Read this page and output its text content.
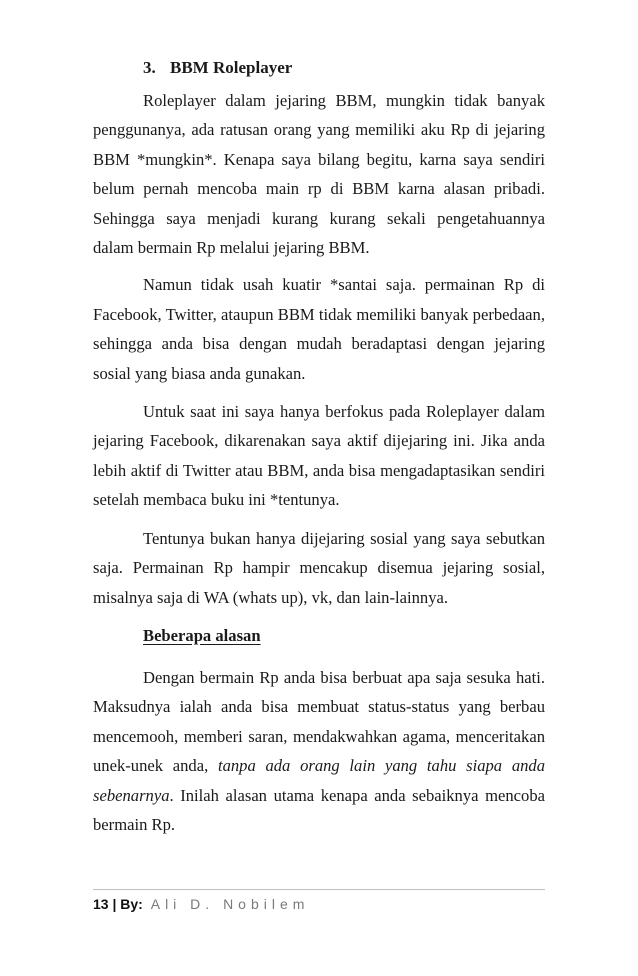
3. BBM Roleplayer

Roleplayer dalam jejaring BBM, mungkin tidak banyak penggunanya, ada ratusan orang yang memiliki aku Rp di jejaring BBM *mungkin*. Kenapa saya bilang begitu, karna saya sendiri belum pernah mencoba main rp di BBM karna alasan pribadi. Sehingga saya menjadi kurang kurang sekali pengetahuannya dalam bermain Rp melalui jejaring BBM.

Namun tidak usah kuatir *santai saja. permainan Rp di Facebook, Twitter, ataupun BBM tidak memiliki banyak perbedaan, sehingga anda bisa dengan mudah beradaptasi dengan jejaring sosial yang biasa anda gunakan.

Untuk saat ini saya hanya berfokus pada Roleplayer dalam jejaring Facebook, dikarenakan saya aktif dijejaring ini. Jika anda lebih aktif di Twitter atau BBM, anda bisa mengadaptasikan sendiri setelah membaca buku ini *tentunya.

Tentunya bukan hanya dijejaring sosial yang saya sebutkan saja. Permainan Rp hampir mencakup disemua jejaring sosial, misalnya saja di WA (whats up), vk, dan lain-lainnya.

Beberapa alasan

Dengan bermain Rp anda bisa berbuat apa saja sesuka hati. Maksudnya ialah anda bisa membuat status-status yang berbau mencemooh, memberi saran, mendakwahkan agama, menceritakan unek-unek anda, tanpa ada orang lain yang tahu siapa anda sebenarnya. Inilah alasan utama kenapa anda sebaiknya mencoba bermain Rp.

13 | By: Ali D. Nobilem
